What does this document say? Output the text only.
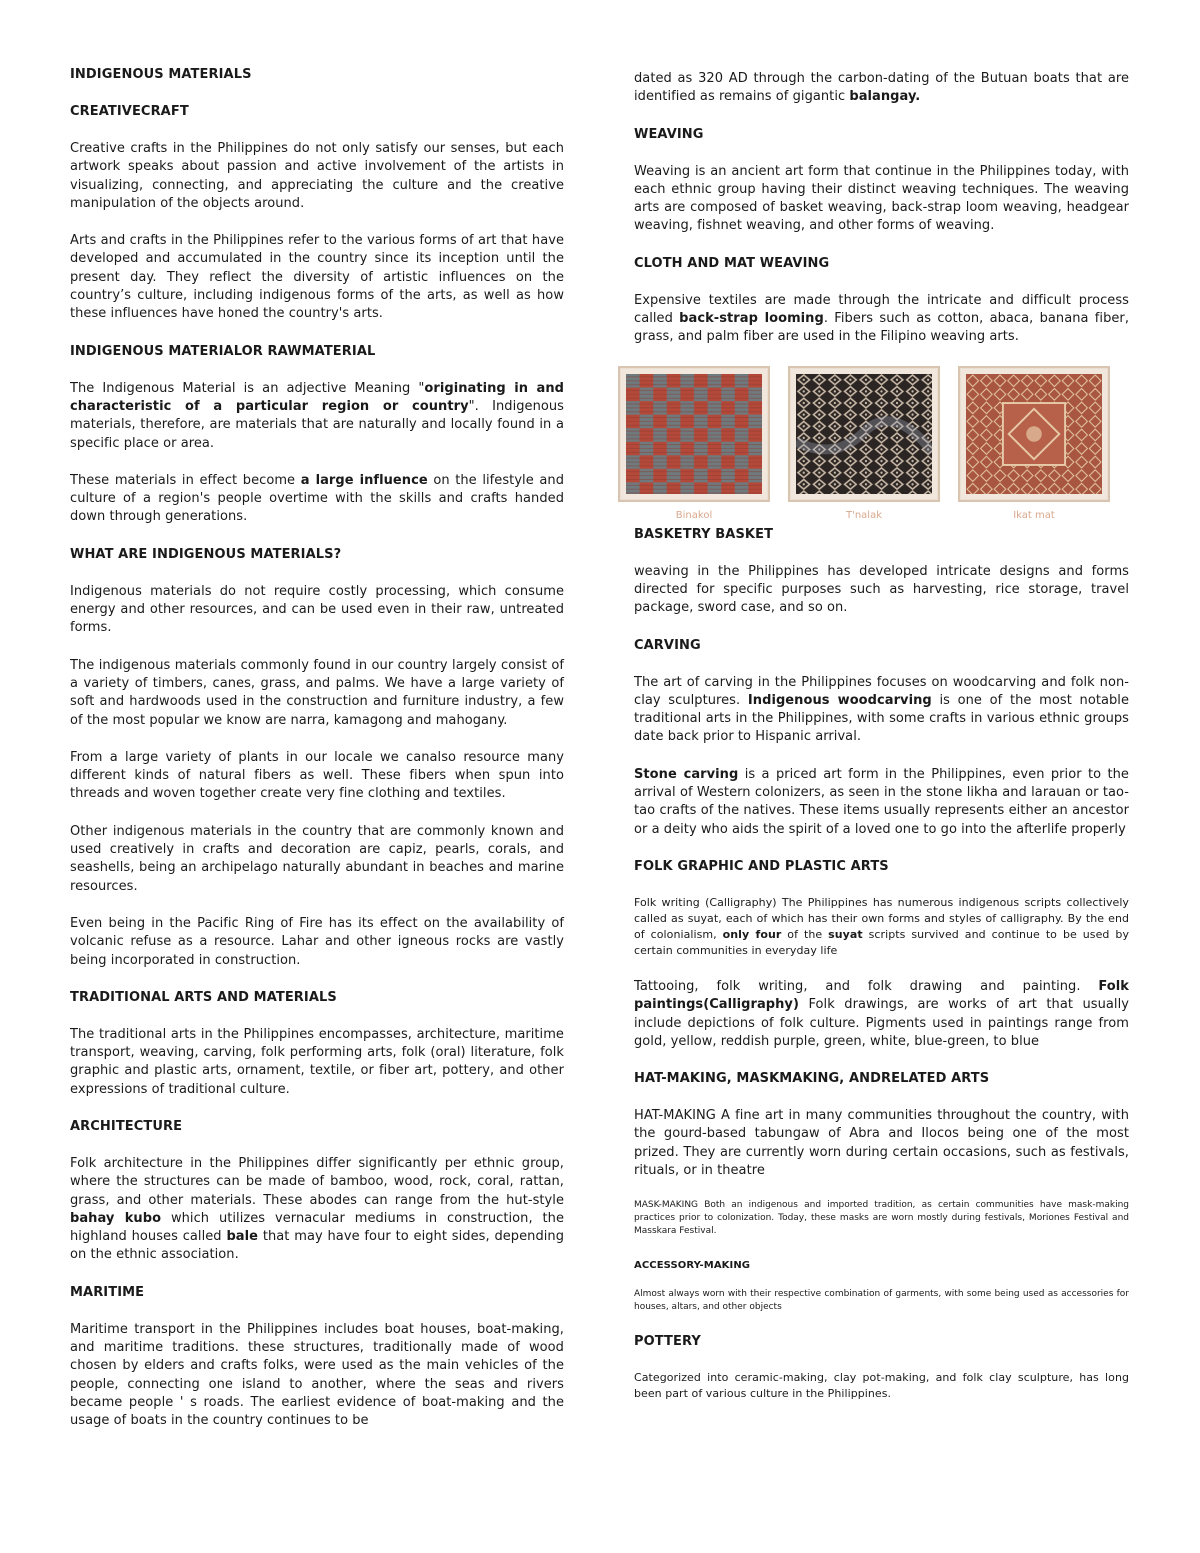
INDIGENOUS MATERIALS
CREATIVECRAFT

Creative crafts in the Philippines do not only satisfy our senses, but each artwork speaks about passion and active involvement of the artists in visualizing, connecting, and appreciating the culture and the creative manipulation of the objects around.

Arts and crafts in the Philippines refer to the various forms of art that have developed and accumulated in the country since its inception until the present day. They reflect the diversity of artistic influences on the country’s culture, including indigenous forms of the arts, as well as how these influences have honed the country's arts.

INDIGENOUS MATERIALOR RAWMATERIAL

The Indigenous Material is an adjective Meaning "originating in and characteristic of a particular region or country". Indigenous materials, therefore, are materials that are naturally and locally found in a specific place or area.

These materials in effect become a large influence on the lifestyle and culture of a region's people overtime with the skills and crafts handed down through generations.

WHAT ARE INDIGENOUS MATERIALS?

Indigenous materials do not require costly processing, which consume energy and other resources, and can be used even in their raw, untreated forms.

The indigenous materials commonly found in our country largely consist of a variety of timbers, canes, grass, and palms. We have a large variety of soft and hardwoods used in the construction and furniture industry, a few of the most popular we know are narra, kamagong and mahogany.

From a large variety of plants in our locale we canalso resource many different kinds of natural fibers as well. These fibers when spun into threads and woven together create very fine clothing and textiles.

Other indigenous materials in the country that are commonly known and used creatively in crafts and decoration are capiz, pearls, corals, and seashells, being an archipelago naturally abundant in beaches and marine resources.

Even being in the Pacific Ring of Fire has its effect on the availability of volcanic refuse as a resource. Lahar and other igneous rocks are vastly being incorporated in construction.

TRADITIONAL ARTS AND MATERIALS

The traditional arts in the Philippines encompasses, architecture, maritime transport, weaving, carving, folk performing arts, folk (oral) literature, folk graphic and plastic arts, ornament, textile, or fiber art, pottery, and other expressions of traditional culture.

ARCHITECTURE

Folk architecture in the Philippines differ significantly per ethnic group, where the structures can be made of bamboo, wood, rock, coral, rattan, grass, and other materials. These abodes can range from the hut-style bahay kubo which utilizes vernacular mediums in construction, the highland houses called bale that may have four to eight sides, depending on the ethnic association.

MARITIME

Maritime transport in the Philippines includes boat houses, boat-making, and maritime traditions. these structures, traditionally made of wood chosen by elders and crafts folks, were used as the main vehicles of the people, connecting one island to another, where the seas and rivers became people ' s roads. The earliest evidence of boat-making and the usage of boats in the country continues to be

dated as 320 AD through the carbon-dating of the Butuan boats that are identified as remains of gigantic balangay.

WEAVING

Weaving is an ancient art form that continue in the Philippines today, with each ethnic group having their distinct weaving techniques. The weaving arts are composed of basket weaving, back-strap loom weaving, headgear weaving, fishnet weaving, and other forms of weaving.

CLOTH AND MAT WEAVING

Expensive textiles are made through the intricate and difficult process called back-strap looming. Fibers such as cotton, abaca, banana fiber, grass, and palm fiber are used in the Filipino weaving arts.

Binakol	T'nalak	Ikat mat
BASKETRY BASKET

weaving in the Philippines has developed intricate designs and forms directed for specific purposes such as harvesting, rice storage, travel package, sword case, and so on.

CARVING

The art of carving in the Philippines focuses on woodcarving and folk non-clay sculptures. Indigenous woodcarving is one of the most notable traditional arts in the Philippines, with some crafts in various ethnic groups date back prior to Hispanic arrival.

Stone carving is a priced art form in the Philippines, even prior to the arrival of Western colonizers, as seen in the stone likha and larauan or tao-tao crafts of the natives. These items usually represents either an ancestor or a deity who aids the spirit of a loved one to go into the afterlife properly

FOLK GRAPHIC AND PLASTIC ARTS

Folk writing (Calligraphy) The Philippines has numerous indigenous scripts collectively called as suyat, each of which has their own forms and styles of calligraphy. By the end of colonialism, only four of the suyat scripts survived and continue to be used by certain communities in everyday life

Tattooing, folk writing, and folk drawing and painting. Folk paintings(Calligraphy) Folk drawings, are works of art that usually include depictions of folk culture. Pigments used in paintings range from gold, yellow, reddish purple, green, white, blue-green, to blue

HAT-MAKING, MASKMAKING, ANDRELATED ARTS

HAT-MAKING A fine art in many communities throughout the country, with the gourd-based tabungaw of Abra and Ilocos being one of the most prized. They are currently worn during certain occasions, such as festivals, rituals, or in theatre

MASK-MAKING Both an indigenous and imported tradition, as certain communities have mask-making practices prior to colonization. Today, these masks are worn mostly during festivals, Moriones Festival and Masskara Festival.

ACCESSORY-MAKING

Almost always worn with their respective combination of garments, with some being used as accessories for houses, altars, and other objects

POTTERY

Categorized into ceramic-making, clay pot-making, and folk clay sculpture, has long been part of various culture in the Philippines.
